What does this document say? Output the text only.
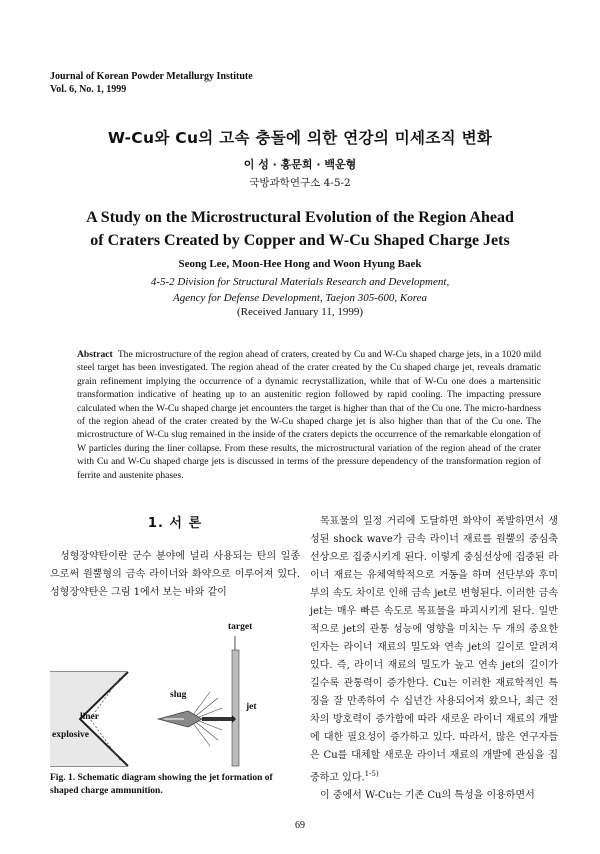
Journal of Korean Powder Metallurgy Institute
Vol. 6, No. 1, 1999
W-Cu와 Cu의 고속 충돌에 의한 연강의 미세조직 변화
이 성 · 홍문희 · 백운형
국방과학연구소 4-5-2
A Study on the Microstructural Evolution of the Region Ahead
of Craters Created by Copper and W-Cu Shaped Charge Jets
Seong Lee, Moon-Hee Hong and Woon Hyung Baek
4-5-2 Division for Structural Materials Research and Development,
Agency for Defense Development, Taejon 305-600, Korea
(Received January 11, 1999)
Abstract The microstructure of the region ahead of craters, created by Cu and W-Cu shaped charge jets, in a 1020 mild steel target has been investigated. The region ahead of the crater created by the Cu shaped charge jet, reveals dramatic grain refinement implying the occurrence of a dynamic recrystallization, while that of W-Cu one does a martensitic transformation indicative of heating up to an austenitic region followed by rapid cooling. The impacting pressure calculated when the W-Cu shaped charge jet encounters the target is higher than that of the Cu one. The micro-hardness of the region ahead of the crater created by the W-Cu shaped charge jet is also higher than that of the Cu one. The microstructure of W-Cu slug remained in the inside of the craters depicts the occurrence of the remarkable elongation of W particles during the liner collapse. From these results, the microstructural variation of the region ahead of the crater with Cu and W-Cu shaped charge jets is discussed in terms of the pressure dependency of the transformation region of ferrite and austenite phases.
1. 서 론
성형장약탄이란 군수 분야에 널리 사용되는 탄의 일종으로써 원뿔형의 금속 라이너와 화약으로 이루어져 있다. 성형장약탄은 그림 1에서 보는 바와 같이
target
slug
jet
liner
explosive
Fig. 1. Schematic diagram showing the jet formation of shaped charge ammunition.

목표물의 일정 거리에 도달하면 화약이 폭발하면서 생성된 shock wave가 금속 라이너 재료를 원뿔의 중심축 선상으로 집중시키게 된다. 이렇게 중심선상에 집중된 라이너 재료는 유체역학적으로 거동을 하며 선단부와 후미부의 속도 차이로 인해 금속 jet로 변형된다. 이러한 금속 jet는 매우 빠른 속도로 목표물을 파괴시키게 된다. 일반적으로 jet의 관통 성능에 영향을 미치는 두 개의 중요한 인자는 라이너 재료의 밀도와 연속 jet의 길이로 알려져 있다. 즉, 라이너 재료의 밀도가 높고 연속 jet의 길이가 길수록 관통력이 증가한다. Cu는 이러한 재료학적인 특징을 잘 만족하여 수 십년간 사용되어져 왔으나, 최근 전차의 방호력이 증가함에 따라 새로운 라이너 재료의 개발에 대한 필요성이 증가하고 있다. 따라서, 많은 연구자들은 Cu를 대체할 새로운 라이너 재료의 개발에 관심을 집중하고 있다.$^{1-5)}$

이 중에서 W-Cu는 기존 Cu의 특성을 이용하면서

69
